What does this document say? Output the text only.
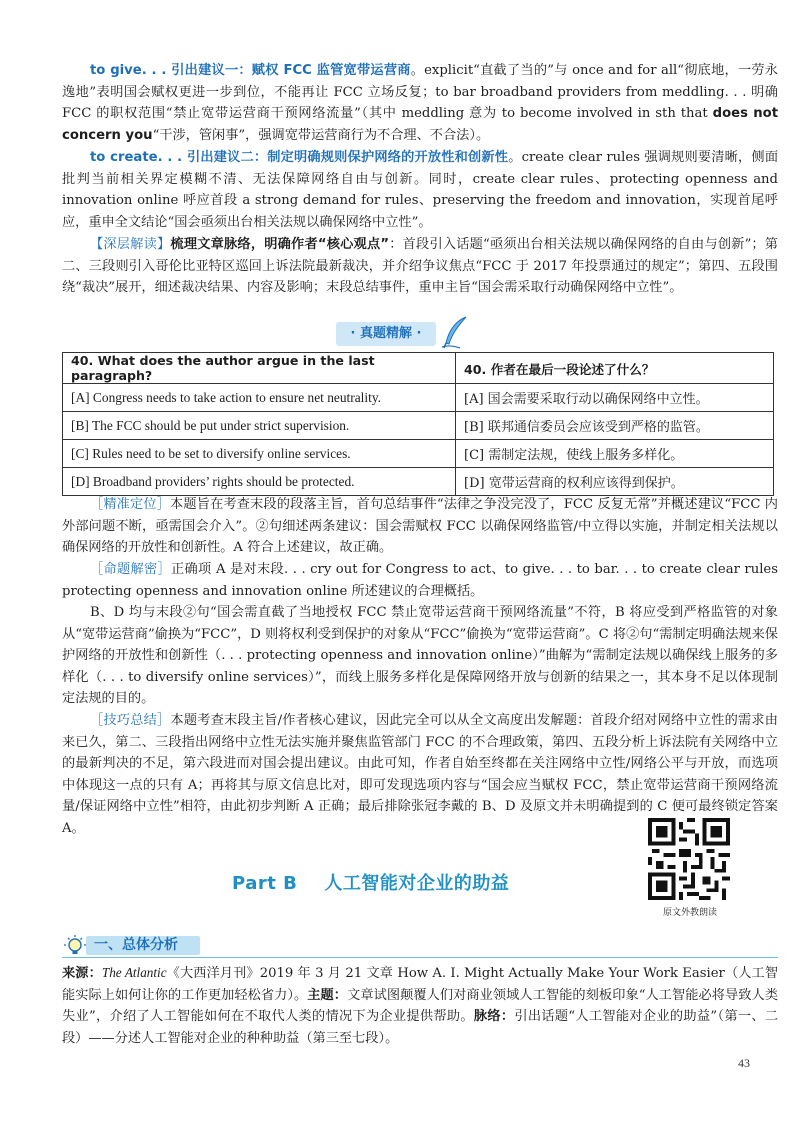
to give. . . 引出建议一：赋权 FCC 监管宽带运营商。explicit“直截了当的”与 once and for all“彻底地，一劳永逸地”表明国会赋权更进一步到位，不能再让 FCC 立场反复；to bar broadband providers from meddling. . . 明确 FCC 的职权范围“禁止宽带运营商干预网络流量”（其中 meddling 意为 to become involved in sth that does not concern you“干涉，管闲事”，强调宽带运营商行为不合理、不合法）。

to create. . . 引出建议二：制定明确规则保护网络的开放性和创新性。create clear rules 强调规则要清晰，侧面批判当前相关界定模糊不清、无法保障网络自由与创新。同时，create clear rules、protecting openness and innovation online 呼应首段 a strong demand for rules、preserving the freedom and innovation，实现首尾呼应，重申全文结论“国会亟须出台相关法规以确保网络中立性”。

【深层解读】梳理文章脉络，明确作者“核心观点”：首段引入话题“亟须出台相关法规以确保网络的自由与创新”；第二、三段则引入哥伦比亚特区巡回上诉法院最新裁决，并介绍争议焦点“FCC 于 2017 年投票通过的规定”；第四、五段围绕“裁决”展开，细述裁决结果、内容及影响；末段总结事件，重申主旨“国会需采取行动确保网络中立性”。

· 真题精解 ·
40. What does the author argue in the last paragraph?	40. 作者在最后一段论述了什么？
[A] Congress needs to take action to ensure net neutrality.	[A] 国会需要采取行动以确保网络中立性。
[B] The FCC should be put under strict supervision.	[B] 联邦通信委员会应该受到严格的监管。
[C] Rules need to be set to diversify online services.	[C] 需制定法规，使线上服务多样化。
[D] Broadband providers’ rights should be protected.	[D] 宽带运营商的权利应该得到保护。

［精准定位］本题旨在考查末段的段落主旨，首句总结事件“法律之争没完没了，FCC 反复无常”并概述建议“FCC 内外部问题不断，亟需国会介入”。②句细述两条建议：国会需赋权 FCC 以确保网络监管/中立得以实施，并制定相关法规以确保网络的开放性和创新性。A 符合上述建议，故正确。

［命题解密］正确项 A 是对末段. . . cry out for Congress to act、to give. . . to bar. . . to create clear rules protecting openness and innovation online 所述建议的合理概括。

B、D 均与末段②句“国会需直截了当地授权 FCC 禁止宽带运营商干预网络流量”不符，B 将应受到严格监管的对象从“宽带运营商”偷换为“FCC”，D 则将权利受到保护的对象从“FCC”偷换为“宽带运营商”。C 将②句“需制定明确法规来保护网络的开放性和创新性（. . . protecting openness and innovation online）”曲解为“需制定法规以确保线上服务的多样化（. . . to diversify online services）”，而线上服务多样化是保障网络开放与创新的结果之一，其本身不足以体现制定法规的目的。

［技巧总结］本题考查末段主旨/作者核心建议，因此完全可以从全文高度出发解题：首段介绍对网络中立性的需求由来已久，第二、三段指出网络中立性无法实施并聚焦监管部门 FCC 的不合理政策，第四、五段分析上诉法院有关网络中立的最新判决的不足，第六段进而对国会提出建议。由此可知，作者自始至终都在关注网络中立性/网络公平与开放，而选项中体现这一点的只有 A；再将其与原文信息比对，即可发现选项内容与“国会应当赋权 FCC，禁止宽带运营商干预网络流量/保证网络中立性”相符，由此初步判断 A 正确；最后排除张冠李戴的 B、D 及原文并未明确提到的 C 便可最终锁定答案 A。

Part B 人工智能对企业的助益
原文外教朗读
一、总体分析

来源：The Atlantic《大西洋月刊》2019 年 3 月 21 文章 How A. I. Might Actually Make Your Work Easier（人工智能实际上如何让你的工作更加轻松省力）。主题：文章试图颠覆人们对商业领域人工智能的刻板印象“人工智能必将导致人类失业”，介绍了人工智能如何在不取代人类的情况下为企业提供帮助。脉络：引出话题“人工智能对企业的助益”（第一、二段）——分述人工智能对企业的种种助益（第三至七段）。

43
